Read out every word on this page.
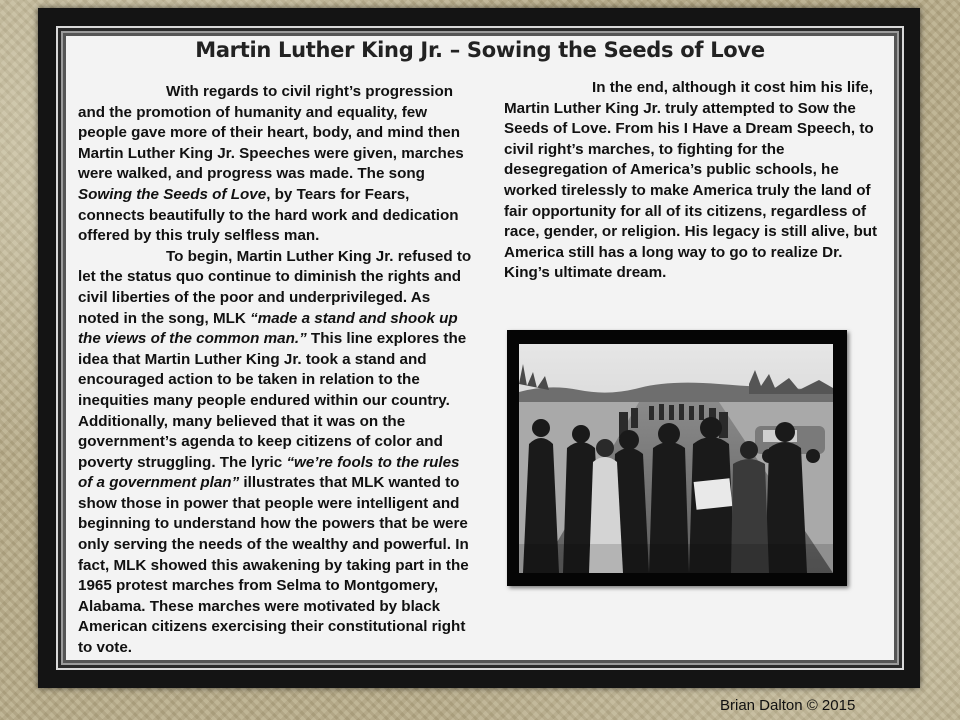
Martin Luther King Jr. – Sowing the Seeds of Love

With regards to civil right’s progression and the promotion of humanity and equality, few people gave more of their heart, body, and mind then Martin Luther King Jr. Speeches were given, marches were walked, and progress was made. The song Sowing the Seeds of Love, by Tears for Fears, connects beautifully to the hard work and dedication offered by this truly selfless man.

To begin, Martin Luther King Jr. refused to let the status quo continue to diminish the rights and civil liberties of the poor and underprivileged. As noted in the song, MLK “made a stand and shook up the views of the common man.” This line explores the idea that Martin Luther King Jr. took a stand and encouraged action to be taken in relation to the inequities many people endured within our country. Additionally, many believed that it was on the government’s agenda to keep citizens of color and poverty struggling. The lyric “we’re fools to the rules of a government plan” illustrates that MLK wanted to show those in power that people were intelligent and beginning to understand how the powers that be were only serving the needs of the wealthy and powerful. In fact, MLK showed this awakening by taking part in the 1965 protest marches from Selma to Montgomery, Alabama. These marches were motivated by black American citizens exercising their constitutional right to vote.

In the end, although it cost him his life, Martin Luther King Jr. truly attempted to Sow the Seeds of Love. From his I Have a Dream Speech, to civil right’s marches, to fighting for the desegregation of America’s public schools, he worked tirelessly to make America truly the land of fair opportunity for all of its citizens, regardless of race, gender, or religion. His legacy is still alive, but America still has a long way to go to realize Dr. King’s ultimate dream.

Brian Dalton © 2015
